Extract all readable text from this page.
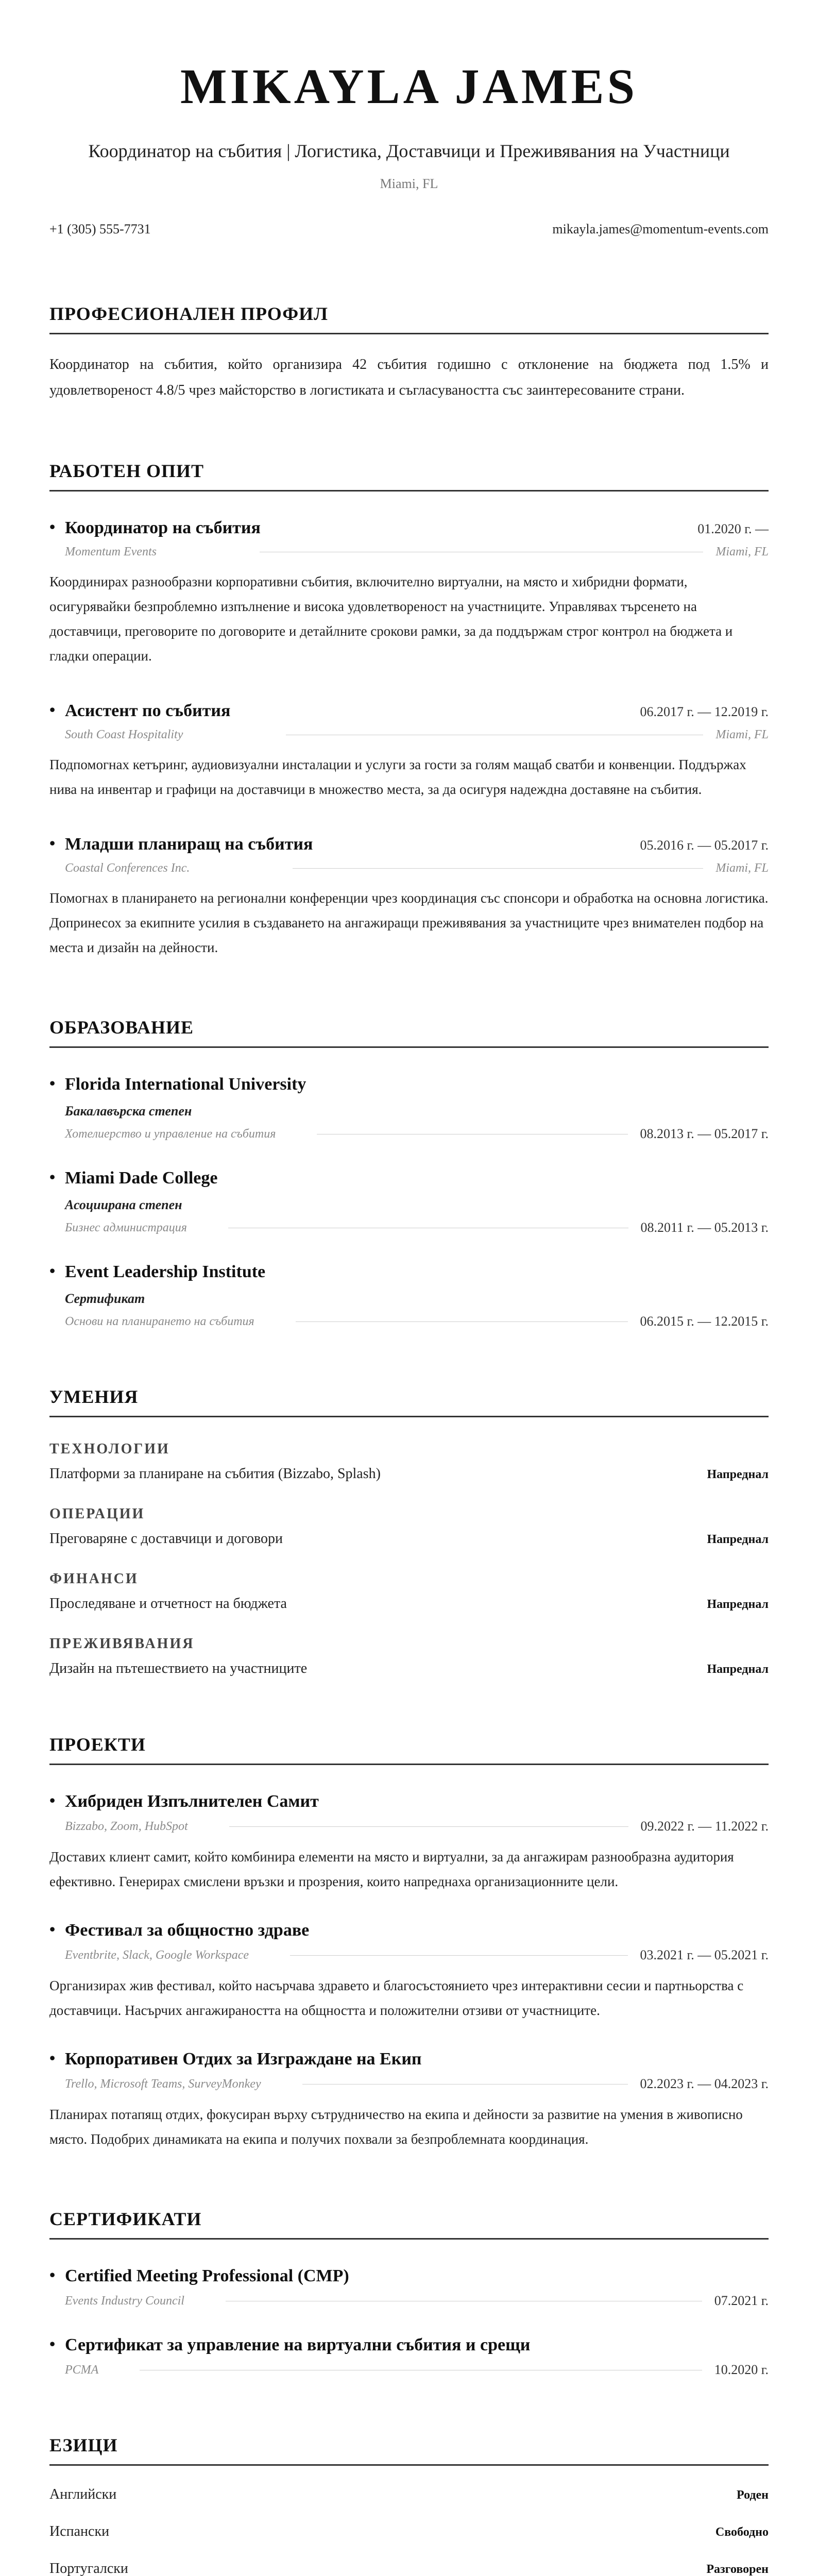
MIKAYLA JAMES
Координатор на събития | Логистика, Доставчици и Преживявания на Участници
Miami, FL
+1 (305) 555-7731	mikayla.james@momentum-events.com
ПРОФЕСИОНАЛЕН ПРОФИЛ

Координатор на събития, който организира 42 събития годишно с отклонение на бюджета под 1.5% и удовлетвореност 4.8/5 чрез майсторство в логистиката и съгласуваността със заинтересованите страни.

РАБОТЕН ОПИТ
• Координатор на събития	01.2020 г. —
Momentum Events	Miami, FL

Координирах разнообразни корпоративни събития, включително виртуални, на място и хибридни формати, осигурявайки безпроблемно изпълнение и висока удовлетвореност на участниците. Управлявах търсенето на доставчици, преговорите по договорите и детайлните срокови рамки, за да поддържам строг контрол на бюджета и гладки операции.

• Асистент по събития	06.2017 г. — 12.2019 г.
South Coast Hospitality	Miami, FL

Подпомогнах кетъринг, аудиовизуални инсталации и услуги за гости за голям мащаб сватби и конвенции. Поддържах нива на инвентар и графици на доставчици в множество места, за да осигуря надеждна доставяне на събития.

• Младши планиращ на събития	05.2016 г. — 05.2017 г.
Coastal Conferences Inc.	Miami, FL

Помогнах в планирането на регионални конференции чрез координация със спонсори и обработка на основна логистика. Допринесох за екипните усилия в създаването на ангажиращи преживявания за участниците чрез внимателен подбор на места и дизайн на дейности.

ОБРАЗОВАНИЕ
• Florida International University
Бакалавърска степен
Хотелиерство и управление на събития	08.2013 г. — 05.2017 г.
• Miami Dade College
Асоциирана степен
Бизнес администрация	08.2011 г. — 05.2013 г.
• Event Leadership Institute
Сертификат
Основи на планирането на събития	06.2015 г. — 12.2015 г.
УМЕНИЯ
ТЕХНОЛОГИИ
Платформи за планиране на събития (Bizzabo, Splash)	Напреднал
ОПЕРАЦИИ
Преговаряне с доставчици и договори	Напреднал
ФИНАНСИ
Проследяване и отчетност на бюджета	Напреднал
ПРЕЖИВЯВАНИЯ
Дизайн на пътешествието на участниците	Напреднал
ПРОЕКТИ
• Хибриден Изпълнителен Самит
Bizzabo, Zoom, HubSpot	09.2022 г. — 11.2022 г.

Доставих клиент самит, който комбинира елементи на място и виртуални, за да ангажирам разнообразна аудитория ефективно. Генерирах смислени връзки и прозрения, които напреднаха организационните цели.

• Фестивал за общностно здраве
Eventbrite, Slack, Google Workspace	03.2021 г. — 05.2021 г.

Организирах жив фестивал, който насърчава здравето и благосъстоянието чрез интерактивни сесии и партньорства с доставчици. Насърчих ангажираността на общността и положителни отзиви от участниците.

• Корпоративен Отдих за Изграждане на Екип
Trello, Microsoft Teams, SurveyMonkey	02.2023 г. — 04.2023 г.

Планирах потапящ отдих, фокусиран върху сътрудничество на екипа и дейности за развитие на умения в живописно място. Подобрих динамиката на екипа и получих похвали за безпроблемната координация.

СЕРТИФИКАТИ
• Certified Meeting Professional (CMP)
Events Industry Council	07.2021 г.
• Сертификат за управление на виртуални събития и срещи
PCMA	10.2020 г.
ЕЗИЦИ
Английски	Роден
Испански	Свободно
Португалски	Разговорен
